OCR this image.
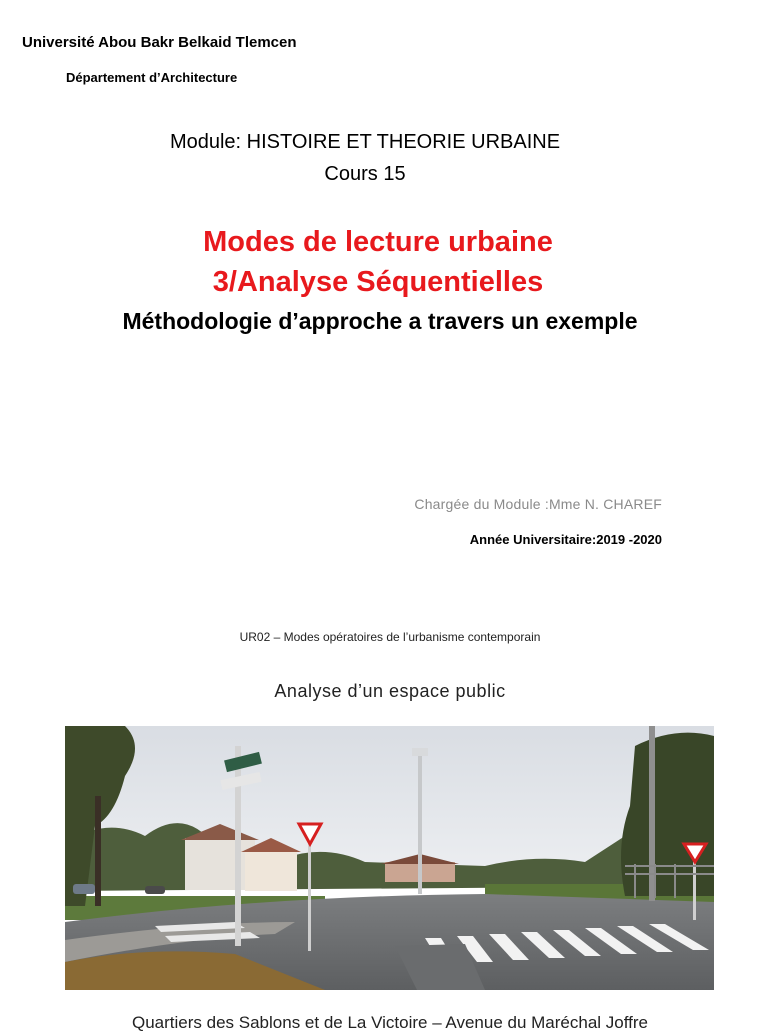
Université Abou Bakr Belkaid Tlemcen
Département d’Architecture
Module: HISTOIRE ET THEORIE URBAINE
Cours 15
Modes de lecture urbaine
3/Analyse Séquentielles
Méthodologie d’approche a travers un exemple
Chargée du Module :Mme N. CHAREF
Année Universitaire:2019 -2020
UR02 – Modes opératoires de l’urbanisme contemporain
Analyse d’un espace public
Quartiers des Sablons et de La Victoire – Avenue du Maréchal Joffre
